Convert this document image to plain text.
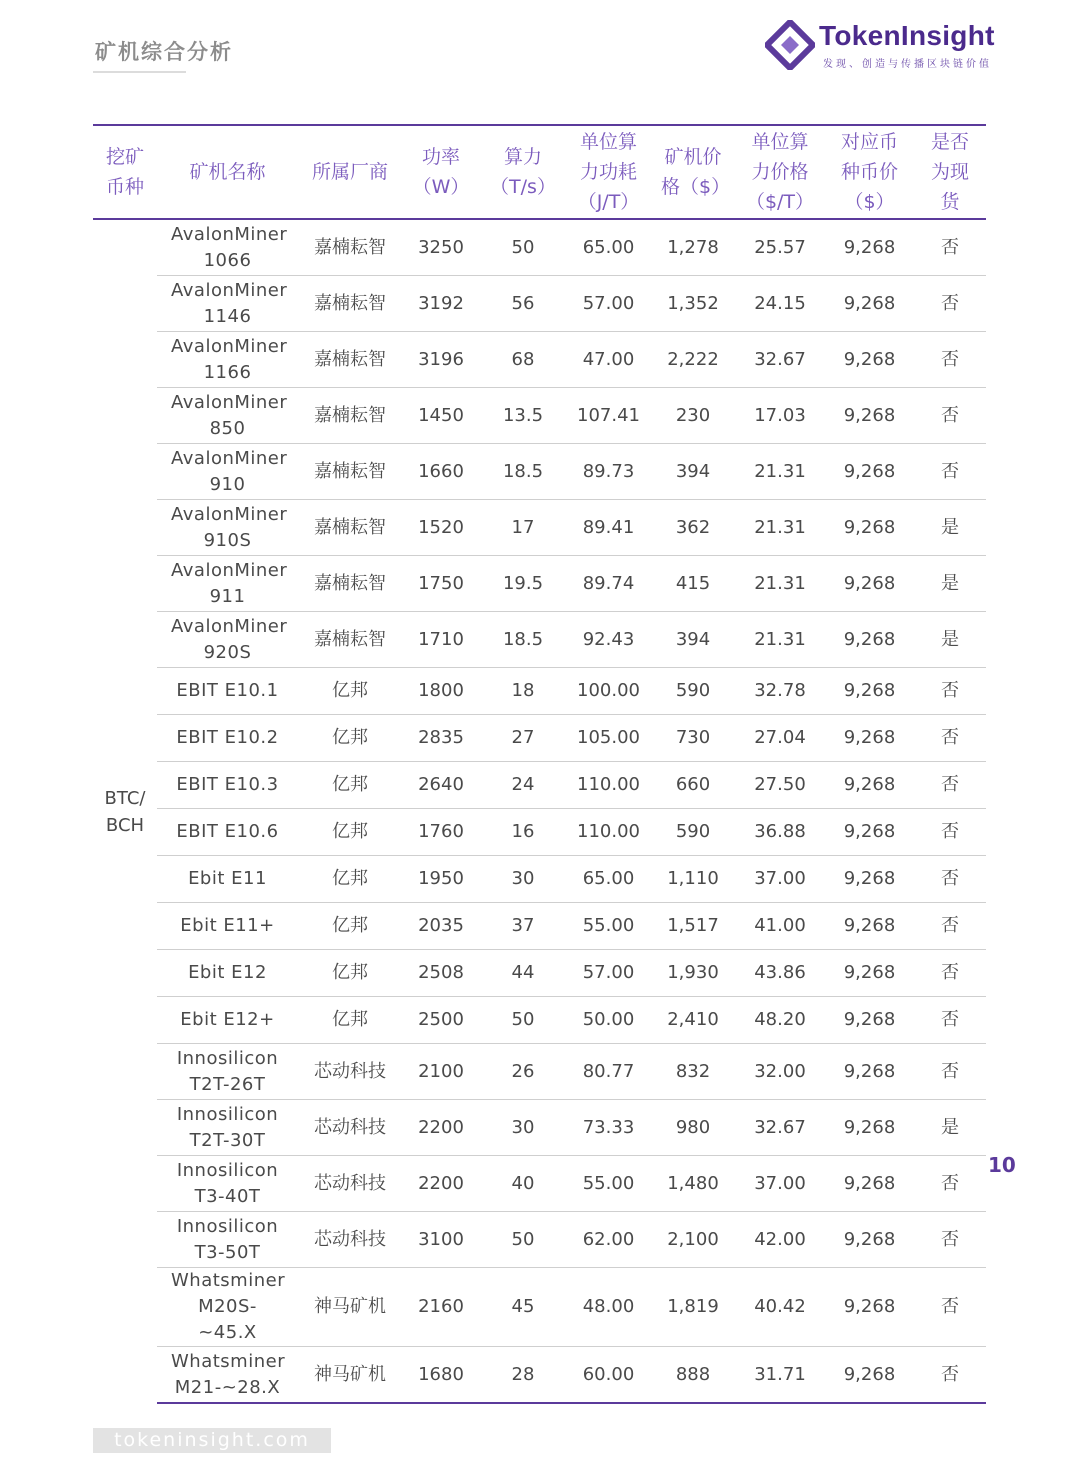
矿机综合分析
TokenInsight
发现、创造与传播区块链价值
挖矿币种	矿机名称	所属厂商	功率（W）	算力（T/s）	单位算力功耗（J/T）	矿机价格（$）	单位算力价格（$/T）	对应币种币价（$）	是否为现货
BTC/BCH	AvalonMiner 1066	嘉楠耘智	3250	50	65.00	1,278	25.57	9,268	否
	AvalonMiner 1146	嘉楠耘智	3192	56	57.00	1,352	24.15	9,268	否
	AvalonMiner 1166	嘉楠耘智	3196	68	47.00	2,222	32.67	9,268	否
	AvalonMiner 850	嘉楠耘智	1450	13.5	107.41	230	17.03	9,268	否
	AvalonMiner 910	嘉楠耘智	1660	18.5	89.73	394	21.31	9,268	否
	AvalonMiner 910S	嘉楠耘智	1520	17	89.41	362	21.31	9,268	是
	AvalonMiner 911	嘉楠耘智	1750	19.5	89.74	415	21.31	9,268	是
	AvalonMiner 920S	嘉楠耘智	1710	18.5	92.43	394	21.31	9,268	是
	EBIT E10.1	亿邦	1800	18	100.00	590	32.78	9,268	否
	EBIT E10.2	亿邦	2835	27	105.00	730	27.04	9,268	否
	EBIT E10.3	亿邦	2640	24	110.00	660	27.50	9,268	否
	EBIT E10.6	亿邦	1760	16	110.00	590	36.88	9,268	否
	Ebit E11	亿邦	1950	30	65.00	1,110	37.00	9,268	否
	Ebit E11+	亿邦	2035	37	55.00	1,517	41.00	9,268	否
	Ebit E12	亿邦	2508	44	57.00	1,930	43.86	9,268	否
	Ebit E12+	亿邦	2500	50	50.00	2,410	48.20	9,268	否
	Innosilicon T2T-26T	芯动科技	2100	26	80.77	832	32.00	9,268	否
	Innosilicon T2T-30T	芯动科技	2200	30	73.33	980	32.67	9,268	是
	Innosilicon T3-40T	芯动科技	2200	40	55.00	1,480	37.00	9,268	否
	Innosilicon T3-50T	芯动科技	3100	50	62.00	2,100	42.00	9,268	否
	Whatsminer M20S-~45.X	神马矿机	2160	45	48.00	1,819	40.42	9,268	否
	Whatsminer M21-~28.X	神马矿机	1680	28	60.00	888	31.71	9,268	否
10
tokeninsight.com
